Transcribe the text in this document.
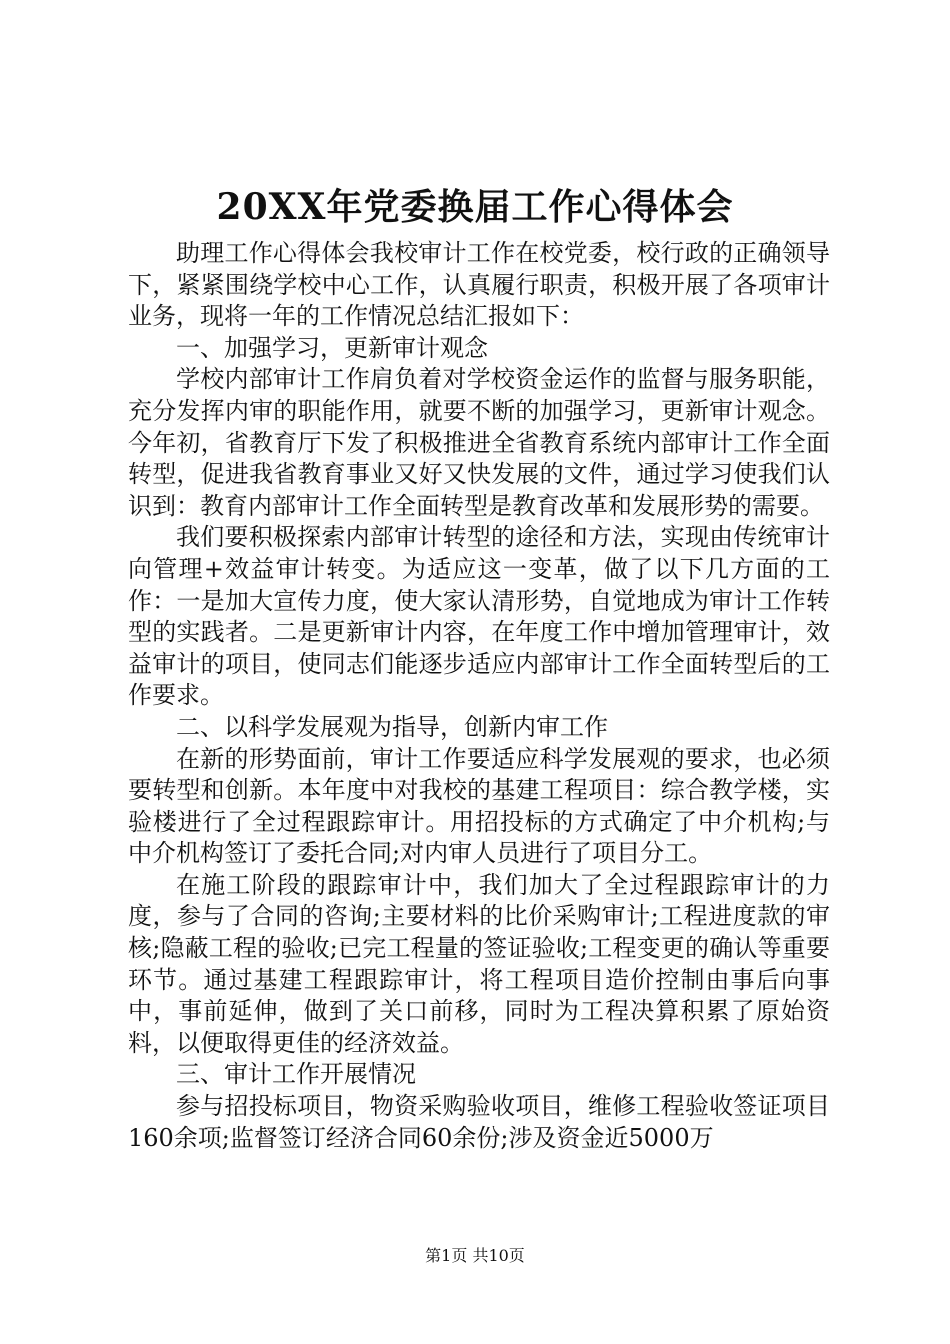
20XX年党委换届工作心得体会

助理工作心得体会我校审计工作在校党委，校行政的正确领导下，紧紧围绕学校中心工作，认真履行职责，积极开展了各项审计业务，现将一年的工作情况总结汇报如下：

一、加强学习，更新审计观念

学校内部审计工作肩负着对学校资金运作的监督与服务职能，充分发挥内审的职能作用，就要不断的加强学习，更新审计观念。今年初，省教育厅下发了积极推进全省教育系统内部审计工作全面转型，促进我省教育事业又好又快发展的文件，通过学习使我们认识到：教育内部审计工作全面转型是教育改革和发展形势的需要。

我们要积极探索内部审计转型的途径和方法，实现由传统审计向管理+效益审计转变。为适应这一变革，做了以下几方面的工作：一是加大宣传力度，使大家认清形势，自觉地成为审计工作转型的实践者。二是更新审计内容，在年度工作中增加管理审计，效益审计的项目，使同志们能逐步适应内部审计工作全面转型后的工作要求。

二、以科学发展观为指导，创新内审工作

在新的形势面前，审计工作要适应科学发展观的要求，也必须要转型和创新。本年度中对我校的基建工程项目：综合教学楼，实验楼进行了全过程跟踪审计。用招投标的方式确定了中介机构;与中介机构签订了委托合同;对内审人员进行了项目分工。

在施工阶段的跟踪审计中，我们加大了全过程跟踪审计的力度，参与了合同的咨询;主要材料的比价采购审计;工程进度款的审核;隐蔽工程的验收;已完工程量的签证验收;工程变更的确认等重要环节。通过基建工程跟踪审计，将工程项目造价控制由事后向事中，事前延伸，做到了关口前移，同时为工程决算积累了原始资料，以便取得更佳的经济效益。

三、审计工作开展情况

参与招投标项目，物资采购验收项目，维修工程验收签证项目160余项;监督签订经济合同60余份;涉及资金近5000万

第1页 共10页
